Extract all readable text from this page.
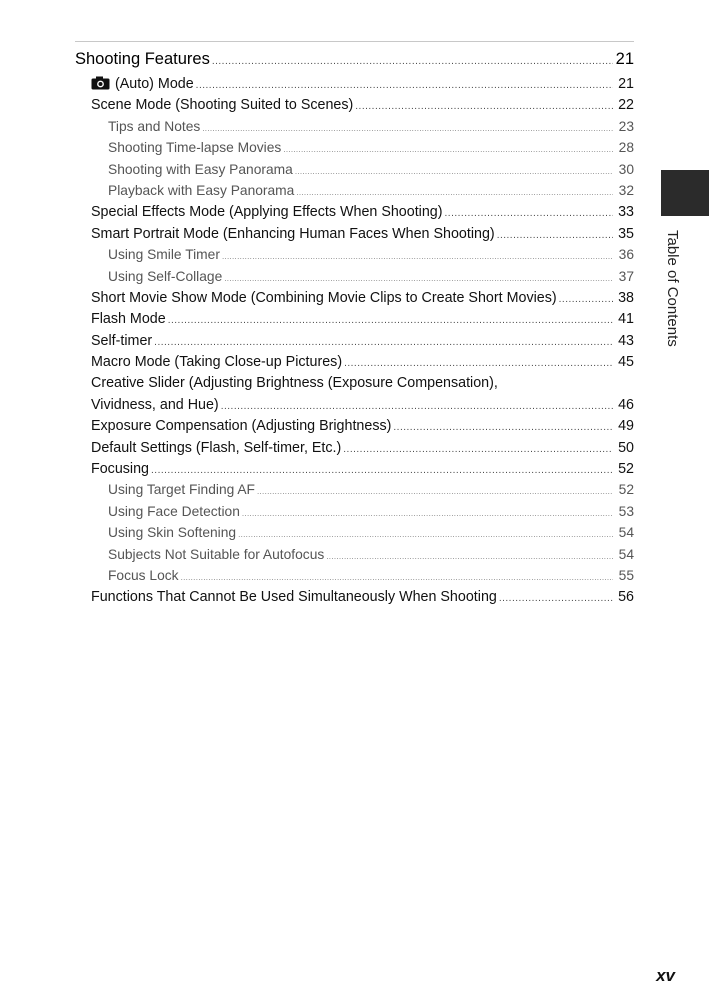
Shooting Features .....	21
(Auto) Mode .....	21
Scene Mode (Shooting Suited to Scenes) .....	22
Tips and Notes .....	23
Shooting Time-lapse Movies .....	28
Shooting with Easy Panorama .....	30
Playback with Easy Panorama .....	32
Special Effects Mode (Applying Effects When Shooting) .....	33
Smart Portrait Mode (Enhancing Human Faces When Shooting) .....	35
Using Smile Timer .....	36
Using Self-Collage .....	37
Short Movie Show Mode (Combining Movie Clips to Create Short Movies) .....	38
Flash Mode .....	41
Self-timer .....	43
Macro Mode (Taking Close-up Pictures) .....	45
Creative Slider (Adjusting Brightness (Exposure Compensation),
Vividness, and Hue) .....	46
Exposure Compensation (Adjusting Brightness) .....	49
Default Settings (Flash, Self-timer, Etc.) .....	50
Focusing .....	52
Using Target Finding AF .....	52
Using Face Detection .....	53
Using Skin Softening .....	54
Subjects Not Suitable for Autofocus .....	54
Focus Lock .....	55
Functions That Cannot Be Used Simultaneously When Shooting .....	56
Table of Contents
xv
